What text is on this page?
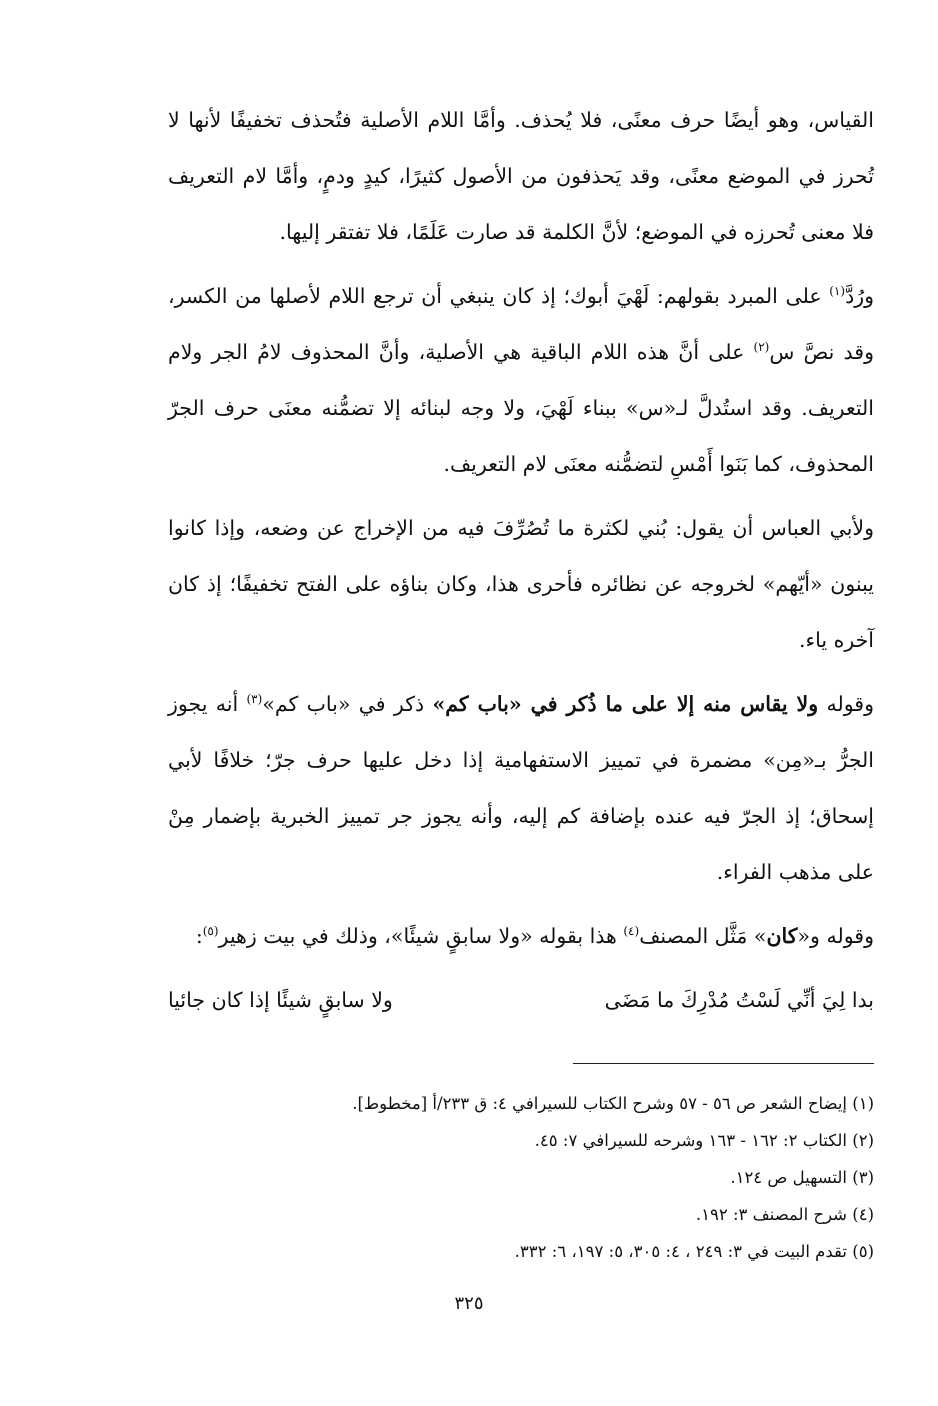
القياس، وهو أيضًا حرف معنًى، فلا يُحذف. وأمَّا اللام الأصلية فتُحذف تخفيفًا لأنها لا تُحرز في الموضع معنًى، وقد يَحذفون من الأصول كثيرًا، كيدٍ ودمٍ، وأمَّا لام التعريف فلا معنى تُحرزه في الموضع؛ لأنَّ الكلمة قد صارت عَلَمًا، فلا تفتقر إليها.

ورُدَّ$^{(١)}$ على المبرد بقولهم: لَهْيَ أبوك؛ إذ كان ينبغي أن ترجع اللام لأصلها من الكسر، وقد نصَّ س$^{(٢)}$ على أنَّ هذه اللام الباقية هي الأصلية، وأنَّ المحذوف لامُ الجر ولام التعريف. وقد استُدلَّ لـ«س» ببناء لَهْيَ، ولا وجه لبنائه إلا تضمُّنه معنَى حرف الجرّ المحذوف، كما بَنَوا أَمْسِ لتضمُّنه معنَى لام التعريف.

ولأبي العباس أن يقول: بُني لكثرة ما تُصُرِّفَ فيه من الإخراج عن وضعه، وإذا كانوا يبنون «أيّهم» لخروجه عن نظائره فأحرى هذا، وكان بناؤه على الفتح تخفيفًا؛ إذ كان آخره ياء.

وقوله ولا يقاس منه إلا على ما ذُكر في «باب كم» ذكر في «باب كم»$^{(٣)}$ أنه يجوز الجرُّ بـ«مِن» مضمرة في تمييز الاستفهامية إذا دخل عليها حرف جرّ؛ خلافًا لأبي إسحاق؛ إذ الجرّ فيه عنده بإضافة كم إليه، وأنه يجوز جر تمييز الخبرية بإضمار مِنْ على مذهب الفراء.

وقوله و«كان» مَثَّل المصنف$^{(٤)}$ هذا بقوله «ولا سابقٍ شيئًا»، وذلك في بيت زهير$^{(٥)}$:

بدا لِيَ أنِّي لَسْتُ مُدْرِكَ ما مَضَى
ولا سابقٍ شيئًا إذا كان جائيا
(١) إيضاح الشعر ص ٥٦ - ٥٧ وشرح الكتاب للسيرافي ٤: ق ٢٣٣/أ [مخطوط].
(٢) الكتاب ٢: ١٦٢ - ١٦٣ وشرحه للسيرافي ٧: ٤٥.
(٣) التسهيل ص ١٢٤.
(٤) شرح المصنف ٣: ١٩٢.
(٥) تقدم البيت في ٣: ٢٤٩ ، ٤: ٣٠٥، ٥: ١٩٧، ٦: ٣٣٢.
٣٢٥
